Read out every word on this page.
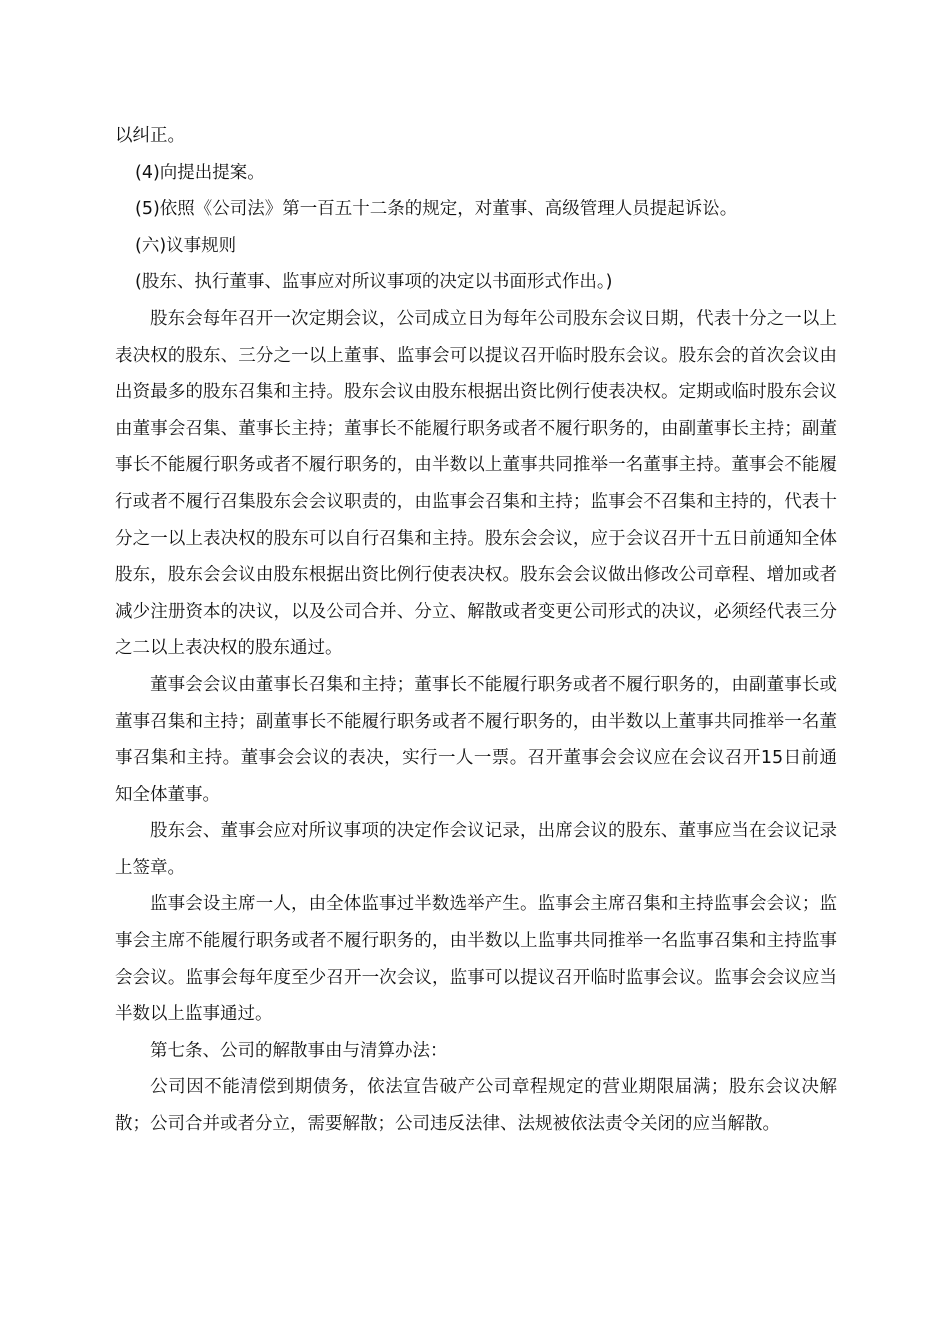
以纠正。

(4)向提出提案。

(5)依照《公司法》第一百五十二条的规定，对董事、高级管理人员提起诉讼。

(六)议事规则

(股东、执行董事、监事应对所议事项的决定以书面形式作出。)

股东会每年召开一次定期会议，公司成立日为每年公司股东会议日期，代表十分之一以上表决权的股东、三分之一以上董事、监事会可以提议召开临时股东会议。股东会的首次会议由出资最多的股东召集和主持。股东会议由股东根据出资比例行使表决权。定期或临时股东会议由董事会召集、董事长主持；董事长不能履行职务或者不履行职务的，由副董事长主持；副董事长不能履行职务或者不履行职务的，由半数以上董事共同推举一名董事主持。董事会不能履行或者不履行召集股东会会议职责的，由监事会召集和主持；监事会不召集和主持的，代表十分之一以上表决权的股东可以自行召集和主持。股东会会议，应于会议召开十五日前通知全体股东，股东会会议由股东根据出资比例行使表决权。股东会会议做出修改公司章程、增加或者减少注册资本的决议，以及公司合并、分立、解散或者变更公司形式的决议，必须经代表三分之二以上表决权的股东通过。

董事会会议由董事长召集和主持；董事长不能履行职务或者不履行职务的，由副董事长或董事召集和主持；副董事长不能履行职务或者不履行职务的，由半数以上董事共同推举一名董事召集和主持。董事会会议的表决，实行一人一票。召开董事会会议应在会议召开15日前通知全体董事。

股东会、董事会应对所议事项的决定作会议记录，出席会议的股东、董事应当在会议记录上签章。

监事会设主席一人，由全体监事过半数选举产生。监事会主席召集和主持监事会会议；监事会主席不能履行职务或者不履行职务的，由半数以上监事共同推举一名监事召集和主持监事会会议。监事会每年度至少召开一次会议，监事可以提议召开临时监事会议。监事会会议应当半数以上监事通过。

第七条、公司的解散事由与清算办法：

公司因不能清偿到期债务，依法宣告破产公司章程规定的营业期限届满；股东会议决解散；公司合并或者分立，需要解散；公司违反法律、法规被依法责令关闭的应当解散。
